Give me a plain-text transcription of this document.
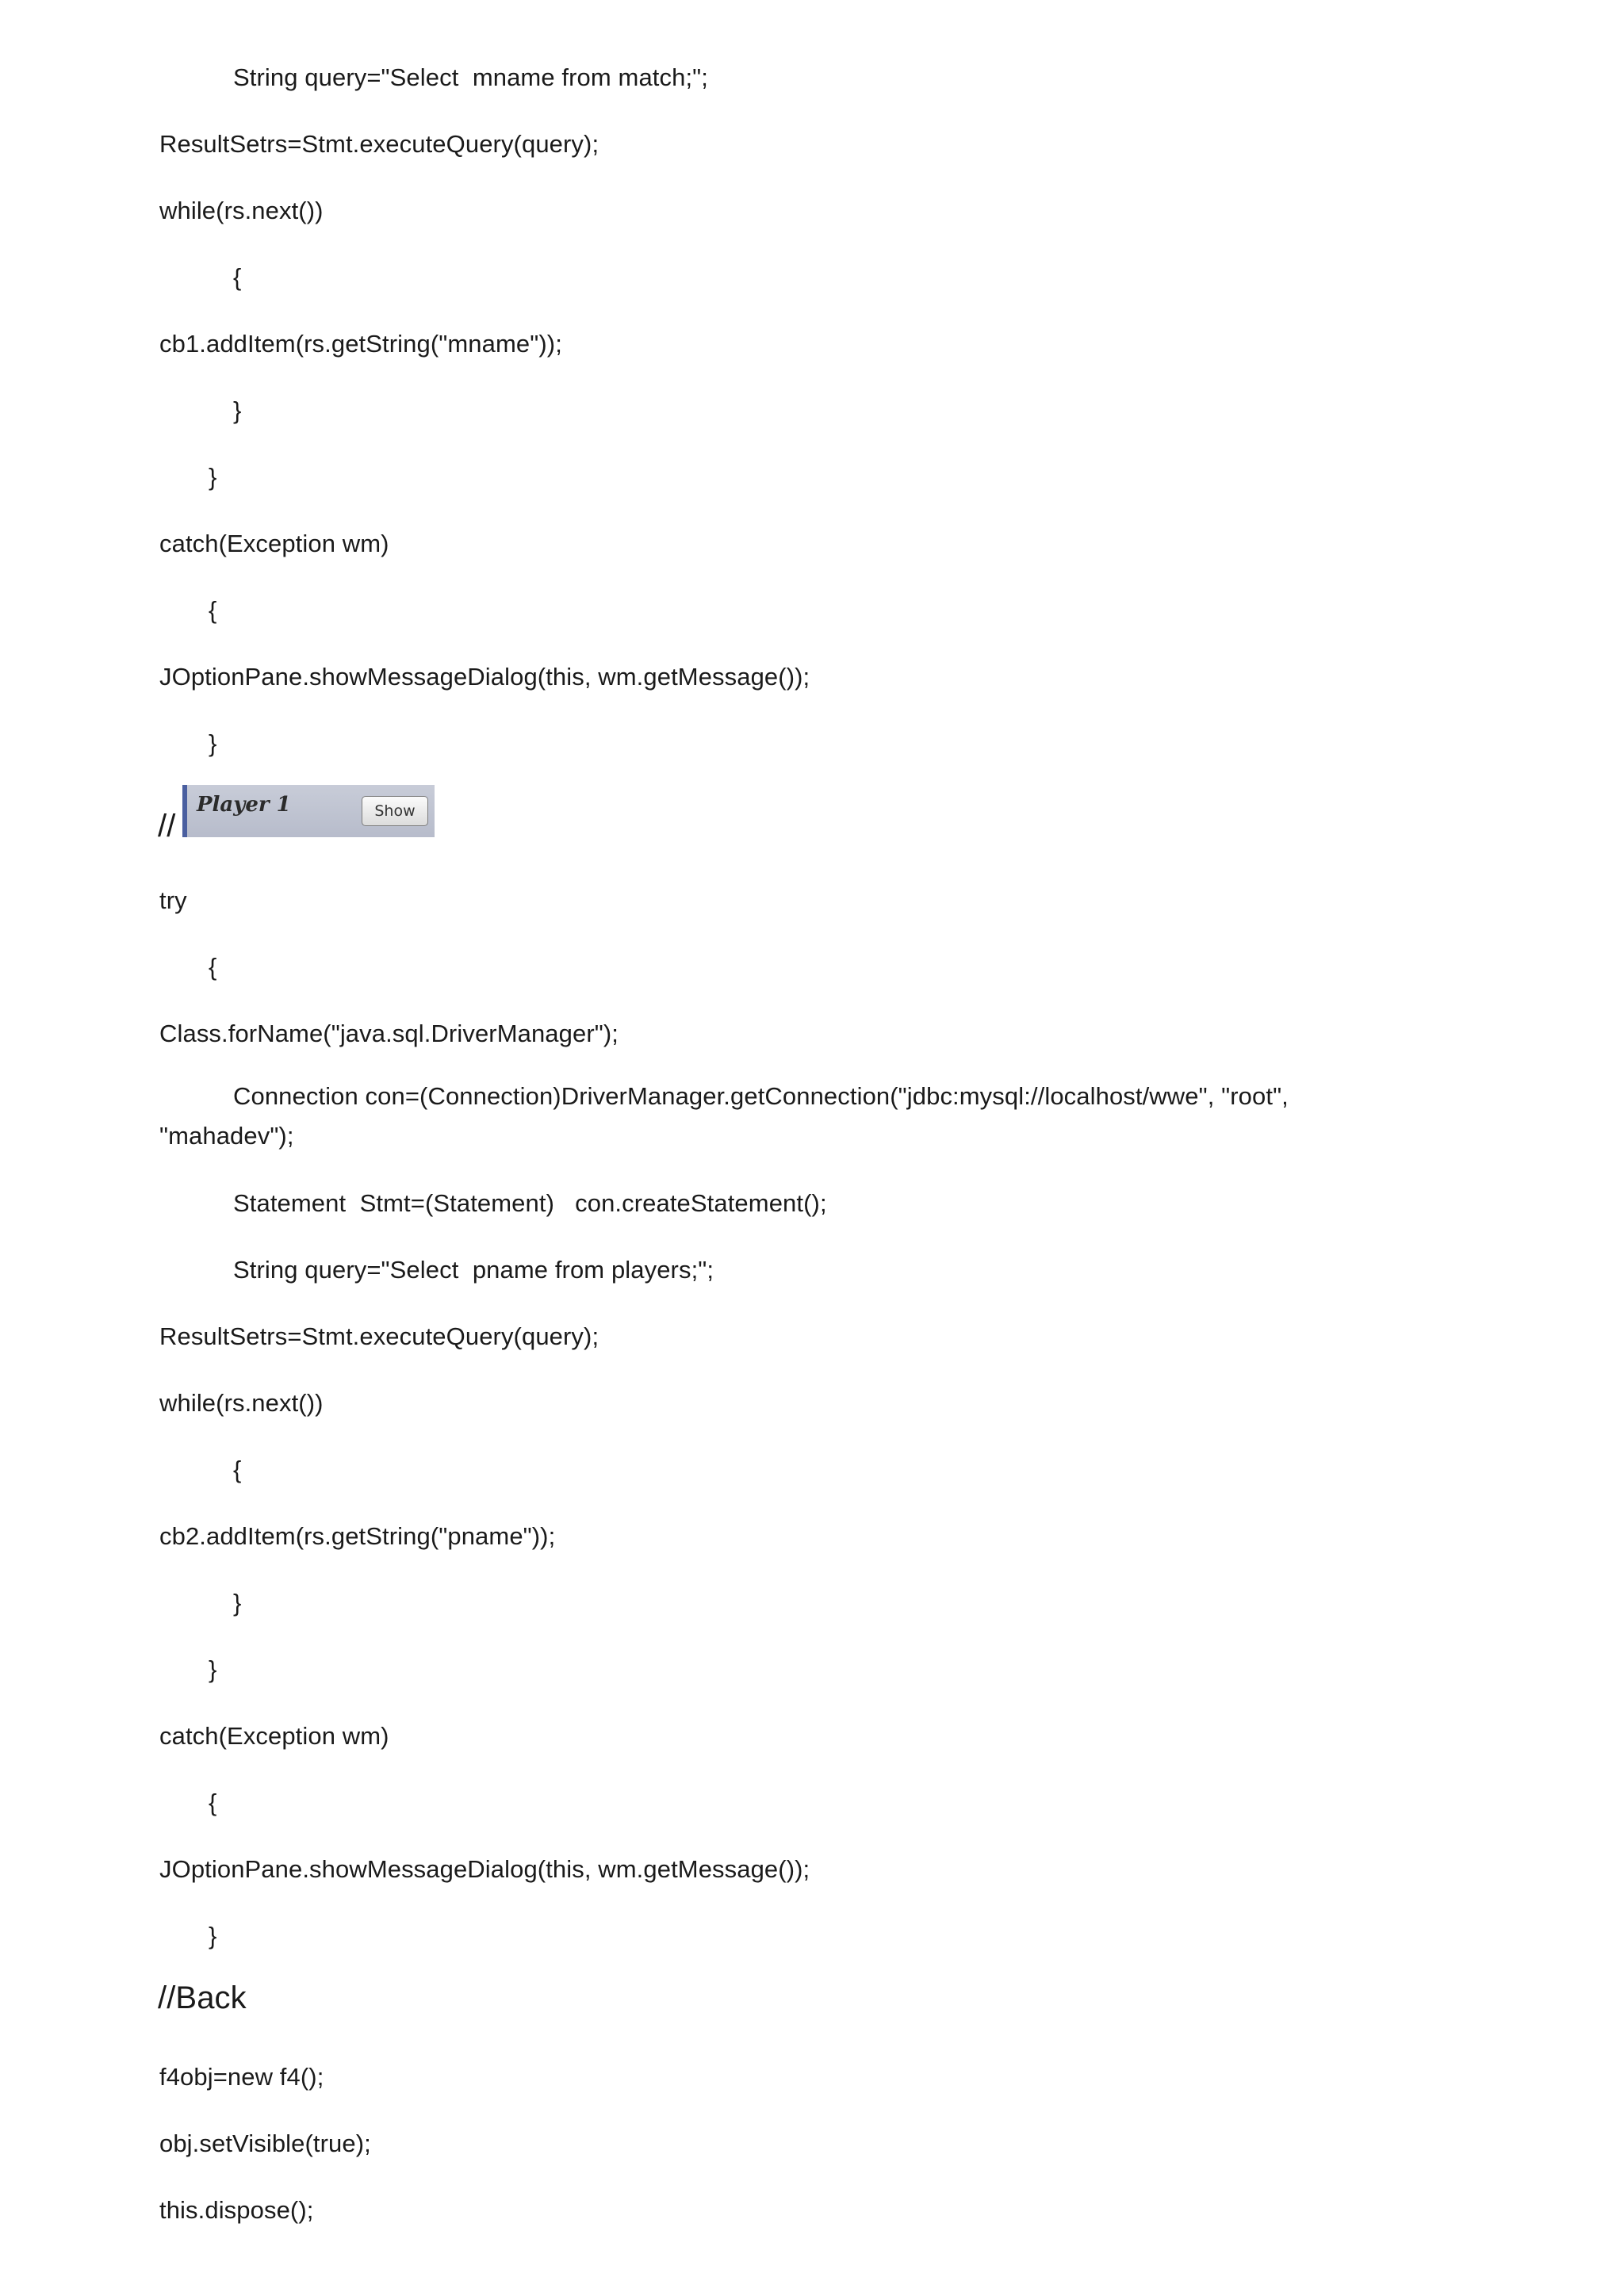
String query="Select  mname from match;";
ResultSetrs=Stmt.executeQuery(query);
while(rs.next())
{
cb1.addItem(rs.getString("mname"));
}
}
catch(Exception wm)
{
JOptionPane.showMessageDialog(this, wm.getMessage());
}
//
Player 1	Show
try
{
Class.forName("java.sql.DriverManager");
Connection con=(Connection)DriverManager.getConnection("jdbc:mysql://localhost/wwe", "root", "mahadev");
Statement  Stmt=(Statement)   con.createStatement();
String query="Select  pname from players;";
ResultSetrs=Stmt.executeQuery(query);
while(rs.next())
{
cb2.addItem(rs.getString("pname"));
}
}
catch(Exception wm)
{
JOptionPane.showMessageDialog(this, wm.getMessage());
}
//Back
f4obj=new f4();
obj.setVisible(true);
this.dispose();
